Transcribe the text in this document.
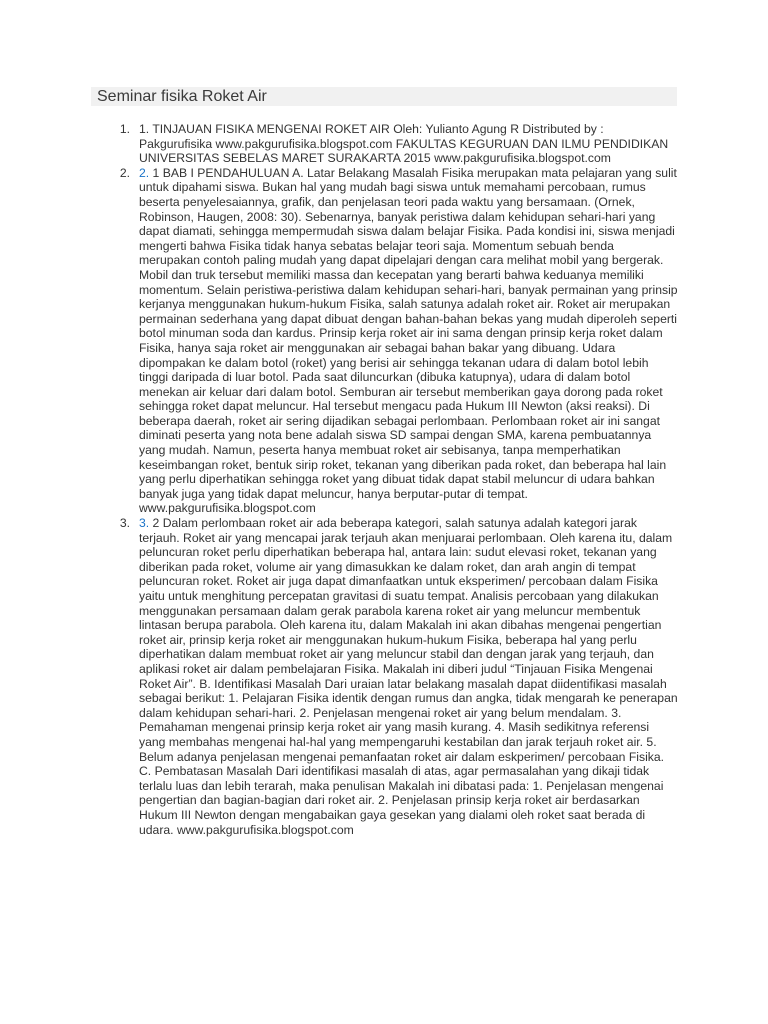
Seminar fisika Roket Air
1. 1. TINJAUAN FISIKA MENGENAI ROKET AIR Oleh: Yulianto Agung R Distributed by : Pakgurufisika www.pakgurufisika.blogspot.com FAKULTAS KEGURUAN DAN ILMU PENDIDIKAN UNIVERSITAS SEBELAS MARET SURAKARTA 2015 www.pakgurufisika.blogspot.com
2. 2. 1 BAB I PENDAHULUAN A. Latar Belakang Masalah Fisika merupakan mata pelajaran yang sulit untuk dipahami siswa. Bukan hal yang mudah bagi siswa untuk memahami percobaan, rumus beserta penyelesaiannya, grafik, dan penjelasan teori pada waktu yang bersamaan. (Ornek, Robinson, Haugen, 2008: 30). Sebenarnya, banyak peristiwa dalam kehidupan sehari-hari yang dapat diamati, sehingga mempermudah siswa dalam belajar Fisika. Pada kondisi ini, siswa menjadi mengerti bahwa Fisika tidak hanya sebatas belajar teori saja. Momentum sebuah benda merupakan contoh paling mudah yang dapat dipelajari dengan cara melihat mobil yang bergerak. Mobil dan truk tersebut memiliki massa dan kecepatan yang berarti bahwa keduanya memiliki momentum. Selain peristiwa-peristiwa dalam kehidupan sehari-hari, banyak permainan yang prinsip kerjanya menggunakan hukum-hukum Fisika, salah satunya adalah roket air. Roket air merupakan permainan sederhana yang dapat dibuat dengan bahan-bahan bekas yang mudah diperoleh seperti botol minuman soda dan kardus. Prinsip kerja roket air ini sama dengan prinsip kerja roket dalam Fisika, hanya saja roket air menggunakan air sebagai bahan bakar yang dibuang. Udara dipompakan ke dalam botol (roket) yang berisi air sehingga tekanan udara di dalam botol lebih tinggi daripada di luar botol. Pada saat diluncurkan (dibuka katupnya), udara di dalam botol menekan air keluar dari dalam botol. Semburan air tersebut memberikan gaya dorong pada roket sehingga roket dapat meluncur. Hal tersebut mengacu pada Hukum III Newton (aksi reaksi). Di beberapa daerah, roket air sering dijadikan sebagai perlombaan. Perlombaan roket air ini sangat diminati peserta yang nota bene adalah siswa SD sampai dengan SMA, karena pembuatannya yang mudah. Namun, peserta hanya membuat roket air sebisanya, tanpa memperhatikan keseimbangan roket, bentuk sirip roket, tekanan yang diberikan pada roket, dan beberapa hal lain yang perlu diperhatikan sehingga roket yang dibuat tidak dapat stabil meluncur di udara bahkan banyak juga yang tidak dapat meluncur, hanya berputar-putar di tempat. www.pakgurufisika.blogspot.com
3. 3. 2 Dalam perlombaan roket air ada beberapa kategori, salah satunya adalah kategori jarak terjauh. Roket air yang mencapai jarak terjauh akan menjuarai perlombaan. Oleh karena itu, dalam peluncuran roket perlu diperhatikan beberapa hal, antara lain: sudut elevasi roket, tekanan yang diberikan pada roket, volume air yang dimasukkan ke dalam roket, dan arah angin di tempat peluncuran roket. Roket air juga dapat dimanfaatkan untuk eksperimen/ percobaan dalam Fisika yaitu untuk menghitung percepatan gravitasi di suatu tempat. Analisis percobaan yang dilakukan menggunakan persamaan dalam gerak parabola karena roket air yang meluncur membentuk lintasan berupa parabola. Oleh karena itu, dalam Makalah ini akan dibahas mengenai pengertian roket air, prinsip kerja roket air menggunakan hukum-hukum Fisika, beberapa hal yang perlu diperhatikan dalam membuat roket air yang meluncur stabil dan dengan jarak yang terjauh, dan aplikasi roket air dalam pembelajaran Fisika. Makalah ini diberi judul “Tinjauan Fisika Mengenai Roket Air”. B. Identifikasi Masalah Dari uraian latar belakang masalah dapat diidentifikasi masalah sebagai berikut: 1. Pelajaran Fisika identik dengan rumus dan angka, tidak mengarah ke penerapan dalam kehidupan sehari-hari. 2. Penjelasan mengenai roket air yang belum mendalam. 3. Pemahaman mengenai prinsip kerja roket air yang masih kurang. 4. Masih sedikitnya referensi yang membahas mengenai hal-hal yang mempengaruhi kestabilan dan jarak terjauh roket air. 5. Belum adanya penjelasan mengenai pemanfaatan roket air dalam eskperimen/ percobaan Fisika. C. Pembatasan Masalah Dari identifikasi masalah di atas, agar permasalahan yang dikaji tidak terlalu luas dan lebih terarah, maka penulisan Makalah ini dibatasi pada: 1. Penjelasan mengenai pengertian dan bagian-bagian dari roket air. 2. Penjelasan prinsip kerja roket air berdasarkan Hukum III Newton dengan mengabaikan gaya gesekan yang dialami oleh roket saat berada di udara. www.pakgurufisika.blogspot.com
